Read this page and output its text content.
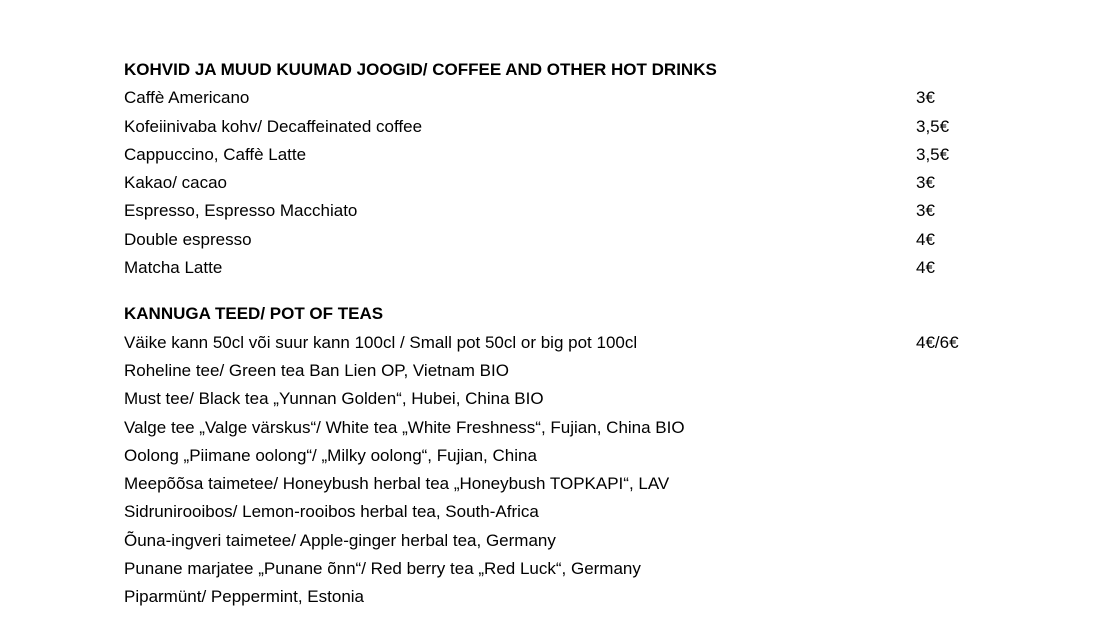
KOHVID JA MUUD KUUMAD JOOGID/ COFFEE AND OTHER HOT DRINKS
Caffè Americano	3€
Kofeiinivaba kohv/ Decaffeinated coffee	3,5€
Cappuccino, Caffè Latte	3,5€
Kakao/ cacao	3€
Espresso, Espresso Macchiato	3€
Double espresso	4€
Matcha Latte	4€
KANNUGA TEED/ POT OF TEAS
Väike kann 50cl või suur kann 100cl / Small pot 50cl or big pot 100cl	4€/6€
Roheline tee/ Green tea Ban Lien OP, Vietnam BIO
Must tee/ Black tea „Yunnan Golden“, Hubei, China BIO
Valge tee „Valge värskus“/ White tea „White Freshness“, Fujian, China BIO
Oolong „Piimane oolong“/ „Milky oolong“, Fujian, China
Meepõõsa taimetee/ Honeybush herbal tea „Honeybush TOPKAPI“, LAV
Sidrunirooibos/ Lemon-rooibos herbal tea, South-Africa
Õuna-ingveri taimetee/ Apple-ginger herbal tea, Germany
Punane marjatee „Punane õnn“/ Red berry tea „Red Luck“, Germany
Piparmünt/ Peppermint, Estonia
